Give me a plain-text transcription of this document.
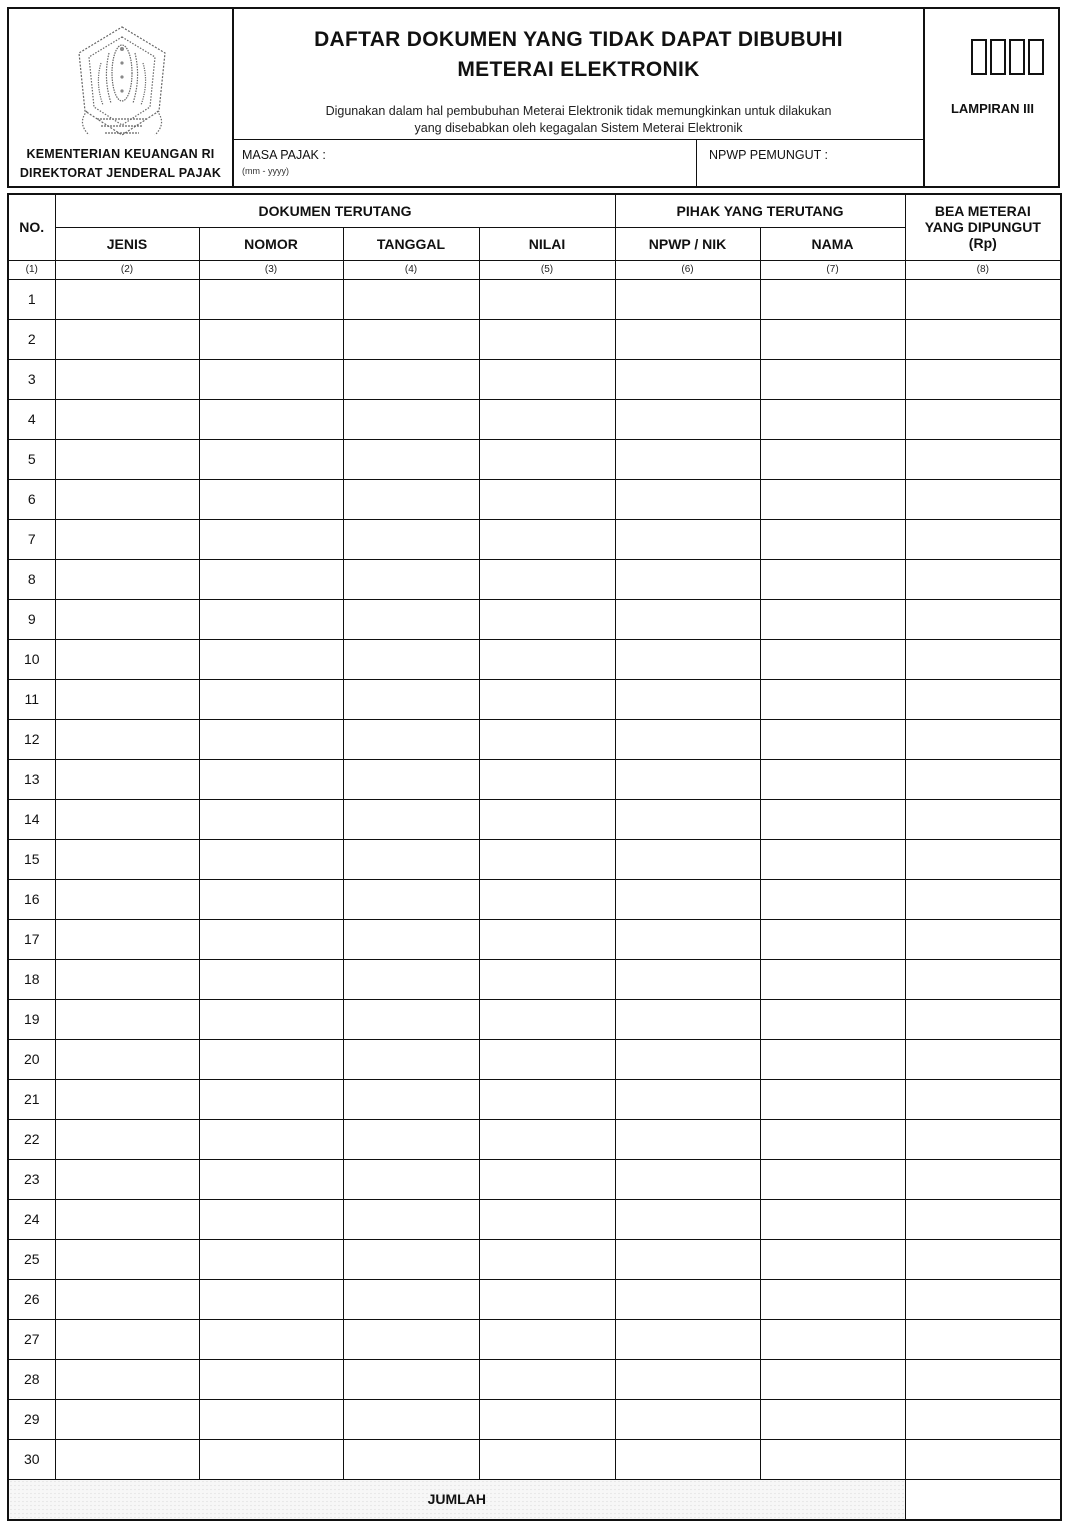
KEMENTERIAN KEUANGAN RI
DIREKTORAT JENDERAL PAJAK
DAFTAR DOKUMEN YANG TIDAK DAPAT DIBUBUHI
METERAI ELEKTRONIK
Digunakan dalam hal pembubuhan Meterai Elektronik tidak memungkinkan untuk dilakukan
yang disebabkan oleh kegagalan Sistem Meterai Elektronik
MASA PAJAK :
(mm - yyyy)
NPWP PEMUNGUT :
LAMPIRAN III
NO.	DOKUMEN TERUTANG				PIHAK YANG TERUTANG		BEA METERAI
YANG DIPUNGUT
(Rp)

	JENIS	NOMOR	TANGGAL	NILAI	NPWP / NIK	NAMA	
(1)	(2)	(3)	(4)	(5)	(6)	(7)	(8)
1							
2							
3							
4							
5							
6							
7							
8							
9							
10							
11							
12							
13							
14							
15							
16							
17							
18							
19							
20							
21							
22							
23							
24							
25							
26							
27							
28							
29							
30							
JUMLAH							
